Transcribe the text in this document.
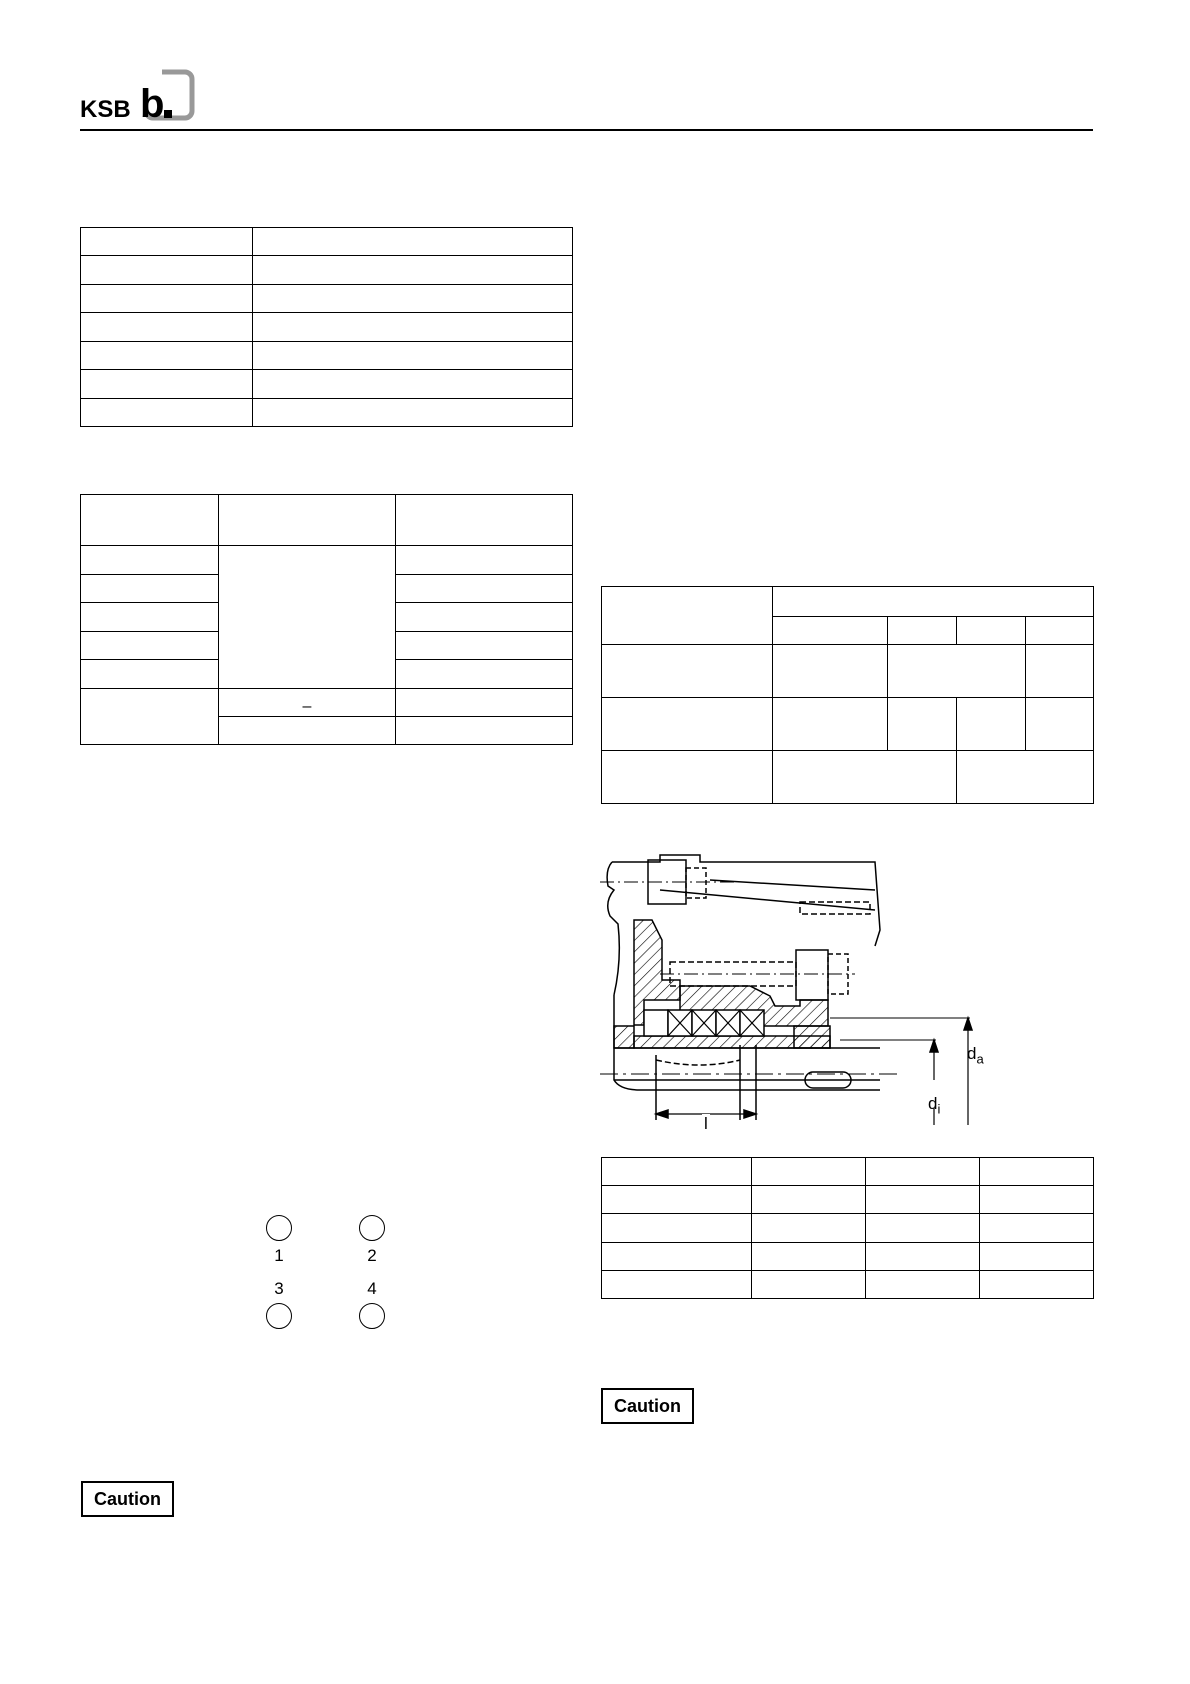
KSB b

	–	

$d_a$
$d_i$
l

1	2
3	4
Caution
Caution
